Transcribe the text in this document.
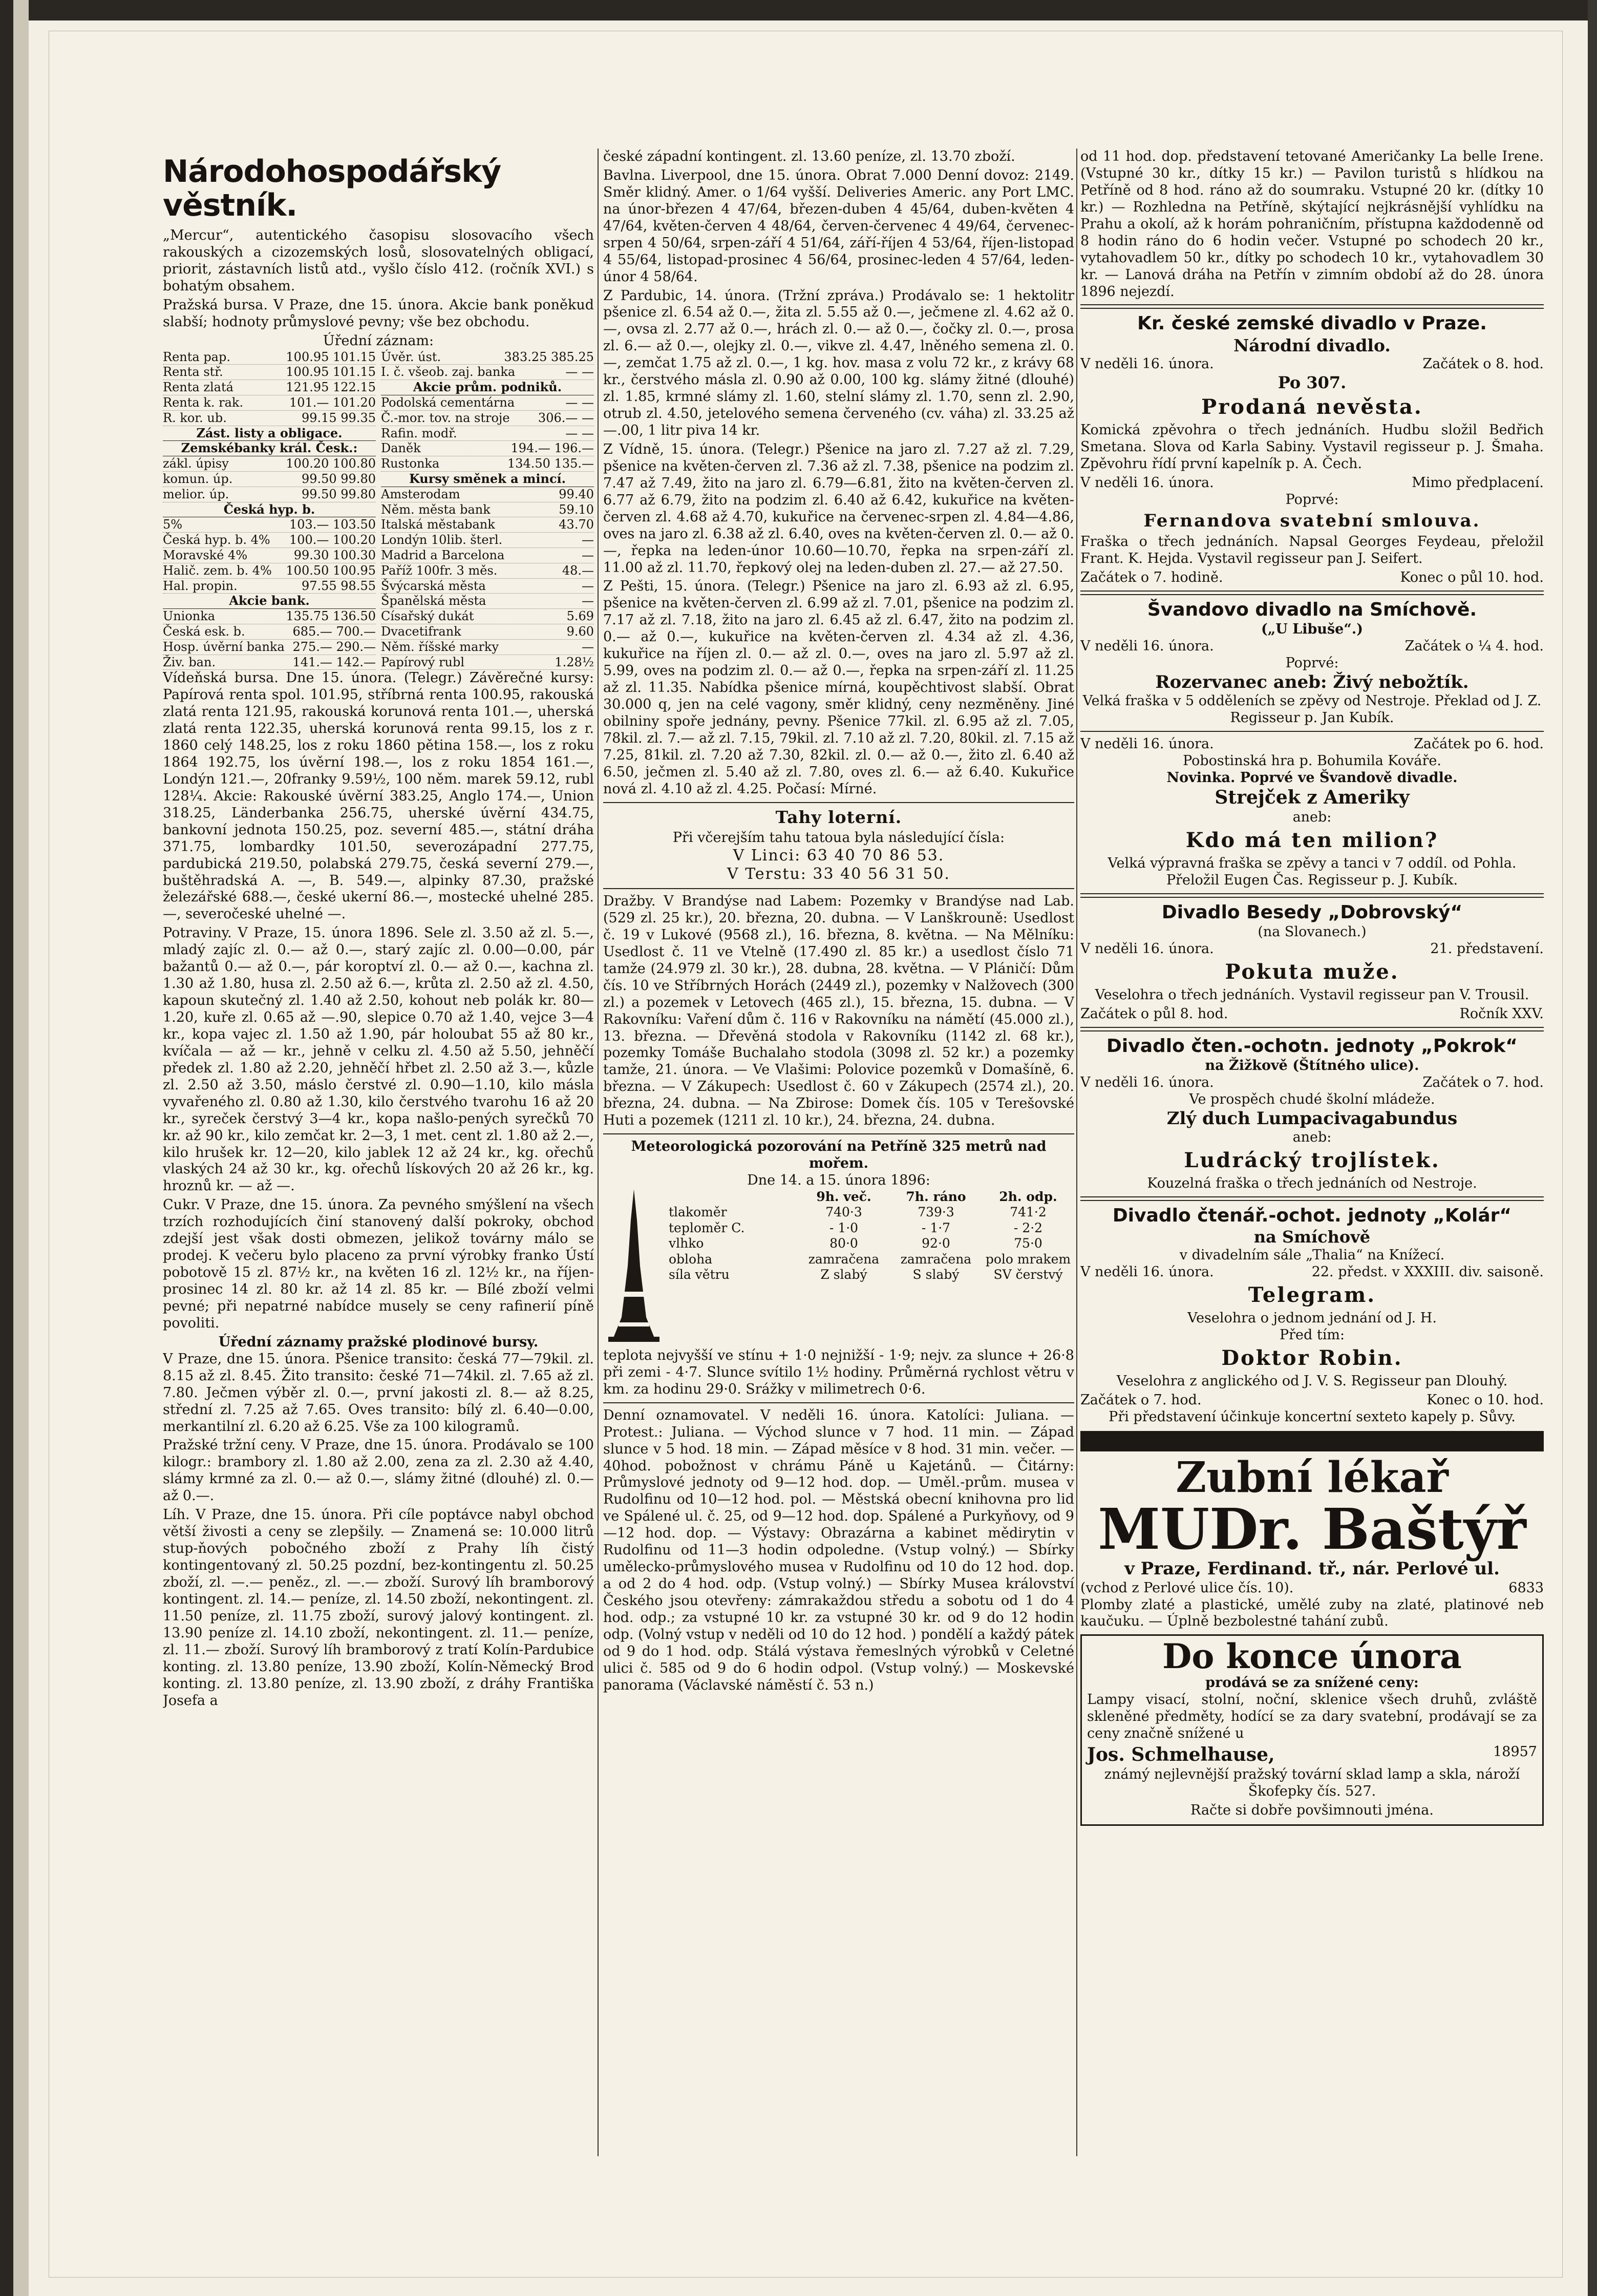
Národohospodářský věstník.

„Mercur“, autentického časopisu slosovacího všech rakouských a cizozemských losů, slosovatelných obligací, priorit, zástavních listů atd., vyšlo číslo 412. (ročník XVI.) s bohatým obsahem.

Pražská bursa. V Praze, dne 15. února. Akcie bank poněkud slabší; hodnoty průmyslové pevny; vše bez obchodu.

Úřední záznam:
Renta pap.	100.95 101.15
Renta stř.	100.95 101.15
Renta zlatá	121.95 122.15
Renta k. rak.	101.— 101.20
R. kor. ub.	99.15 99.35
Zást. listy a obligace.
Zemskébanky král. Česk.:
zákl. úpisy	100.20 100.80
komun. úp.	99.50 99.80
melior. úp.	99.50 99.80
Česká hyp. b.
5%	103.— 103.50
Česká hyp. b. 4% 100.— 100.20
Moravské 4%	99.30 100.30
Halič. zem. b. 4% 100.50 100.95
Hal. propin.	97.55 98.55
Akcie bank.
Unionka	135.75 136.50
Česká esk. b.	685.— 700.—
Hosp. úvěrní banka 275.— 290.—
Živ. ban.	141.— 142.—
Úvěr. úst.	383.25 385.25
I. č. všeob. zaj. banka	— —
Akcie prům. podniků.
Podolská cementárna	— —
Č.-mor. tov. na stroje 306.— —
Rafin. modř.	— —
Daněk	194.— 196.—
Rustonka	134.50 135.—
Kursy směnek a mincí.
Amsterodam	99.40
Něm. města bank	59.10
Italská městabank	43.70
Londýn 10lib. šterl.	—
Madrid a Barcelona	—
Paříž 100fr. 3 měs.	48.—
Švýcarská města	—
Španělská města	—
Císařský dukát	5.69
Dvacetifrank	9.60
Něm. říšské marky	—
Papírový rubl	1.28½

Vídeňská bursa. Dne 15. února. (Telegr.) Závěrečné kursy: Papírová renta spol. 101.95, stříbrná renta 100.95, rakouská zlatá renta 121.95, rakouská korunová renta 101.—, uherská zlatá renta 122.35, uherská korunová renta 99.15, los z r. 1860 celý 148.25, los z roku 1860 pětina 158.—, los z roku 1864 192.75, los úvěrní 198.—, los z roku 1854 161.—, Londýn 121.—, 20franky 9.59½, 100 něm. marek 59.12, rubl 128¼. Akcie: Rakouské úvěrní 383.25, Anglo 174.—, Union 318.25, Länderbanka 256.75, uherské úvěrní 434.75, bankovní jednota 150.25, poz. severní 485.—, státní dráha 371.75, lombardky 101.50, severozápadní 277.75, pardubická 219.50, polabská 279.75, česká severní 279.—, buštěhradská A. —, B. 549.—, alpinky 87.30, pražské železářské 688.—, české ukerní 86.—, mostecké uhelné 285.—, severočeské uhelné —.

Potraviny. V Praze, 15. února 1896. Sele zl. 3.50 až zl. 5.—, mladý zajíc zl. 0.— až 0.—, starý zajíc zl. 0.00—0.00, pár bažantů 0.— až 0.—, pár koroptví zl. 0.— až 0.—, kachna zl. 1.30 až 1.80, husa zl. 2.50 až 6.—, krůta zl. 2.50 až zl. 4.50, kapoun skutečný zl. 1.40 až 2.50, kohout neb polák kr. 80—1.20, kuře zl. 0.65 až —.90, slepice 0.70 až 1.40, vejce 3—4 kr., kopa vajec zl. 1.50 až 1.90, pár holoubat 55 až 80 kr., kvíčala — až — kr., jehně v celku zl. 4.50 až 5.50, jehněčí předek zl. 1.80 až 2.20, jehněčí hřbet zl. 2.50 až 3.—, kůzle zl. 2.50 až 3.50, máslo čerstvé zl. 0.90—1.10, kilo másla vyvařeného zl. 0.80 až 1.30, kilo čerstvého tvarohu 16 až 20 kr., syreček čerstvý 3—4 kr., kopa našlo-pených syrečků 70 kr. až 90 kr., kilo zemčat kr. 2—3, 1 met. cent zl. 1.80 až 2.—, kilo hrušek kr. 12—20, kilo jablek 12 až 24 kr., kg. ořechů vlaských 24 až 30 kr., kg. ořechů lískových 20 až 26 kr., kg. hroznů kr. — až —.

Cukr. V Praze, dne 15. února. Za pevného smýšlení na všech trzích rozhodujících činí stanovený další pokroky, obchod zdejší jest však dosti obmezen, jelikož továrny málo se prodej. K večeru bylo placeno za první výrobky franko Ústí pobotově 15 zl. 87½ kr., na květen 16 zl. 12½ kr., na říjen-prosinec 14 zl. 80 kr. až 14 zl. 85 kr. — Bílé zboží velmi pevné; při nepatrné nabídce musely se ceny rafinerií píně povoliti.

Úřední záznamy pražské plodinové bursy.

V Praze, dne 15. února. Pšenice transito: česká 77—79kil. zl. 8.15 až zl. 8.45. Žito transito: české 71—74kil. zl. 7.65 až zl. 7.80. Ječmen výběr zl. 0.—, první jakosti zl. 8.— až 8.25, střední zl. 7.25 až 7.65. Oves transito: bílý zl. 6.40—0.00, merkantilní zl. 6.20 až 6.25. Vše za 100 kilogramů.

Pražské tržní ceny. V Praze, dne 15. února. Prodávalo se 100 kilogr.: brambory zl. 1.80 až 2.00, zena za zl. 2.30 až 4.40, slámy krmné za zl. 0.— až 0.—, slámy žitné (dlouhé) zl. 0.— až 0.—.

Líh. V Praze, dne 15. února. Při cíle poptávce nabyl obchod větší živosti a ceny se zlepšily. — Znamená se: 10.000 litrů stup-ňových pobočného zboží z Prahy líh čistý kontingentovaný zl. 50.25 pozdní, bez-kontingentu zl. 50.25 zboží, zl. —.— peněz., zl. —.— zboží. Surový líh bramborový kontingent. zl. 14.— peníze, zl. 14.50 zboží, nekontingent. zl. 11.50 peníze, zl. 11.75 zboží, surový jalový kontingent. zl. 13.90 peníze zl. 14.10 zboží, nekontingent. zl. 11.— peníze, zl. 11.— zboží. Surový líh bramborový z tratí Kolín-Pardubice konting. zl. 13.80 peníze, 13.90 zboží, Kolín-Německý Brod konting. zl. 13.80 peníze, zl. 13.90 zboží, z dráhy Františka Josefa a

české západní kontingent. zl. 13.60 peníze, zl. 13.70 zboží.

Bavlna. Liverpool, dne 15. února. Obrat 7.000 Denní dovoz: 2149. Směr klidný. Amer. o 1/64 vyšší. Deliveries Americ. any Port LMC. na únor-březen 4 47/64, březen-duben 4 45/64, duben-květen 4 47/64, květen-červen 4 48/64, červen-červenec 4 49/64, červenec-srpen 4 50/64, srpen-září 4 51/64, září-říjen 4 53/64, říjen-listopad 4 55/64, listopad-prosinec 4 56/64, prosinec-leden 4 57/64, leden-únor 4 58/64.

Z Pardubic, 14. února. (Tržní zpráva.) Prodávalo se: 1 hektolitr pšenice zl. 6.54 až 0.—, žita zl. 5.55 až 0.—, ječmene zl. 4.62 až 0.—, ovsa zl. 2.77 až 0.—, hrách zl. 0.— až 0.—, čočky zl. 0.—, prosa zl. 6.— až 0.—, olejky zl. 0.—, vikve zl. 4.47, lněného semena zl. 0.—, zemčat 1.75 až zl. 0.—, 1 kg. hov. masa z volu 72 kr., z krávy 68 kr., čerstvého másla zl. 0.90 až 0.00, 100 kg. slámy žitné (dlouhé) zl. 1.85, krmné slámy zl. 1.60, stelní slámy zl. 1.70, senn zl. 2.90, otrub zl. 4.50, jetelového semena červeného (cv. váha) zl. 33.25 až —.00, 1 litr piva 14 kr.

Z Vídně, 15. února. (Telegr.) Pšenice na jaro zl. 7.27 až zl. 7.29, pšenice na květen-červen zl. 7.36 až zl. 7.38, pšenice na podzim zl. 7.47 až 7.49, žito na jaro zl. 6.79—6.81, žito na květen-červen zl. 6.77 až 6.79, žito na podzim zl. 6.40 až 6.42, kukuřice na květen-červen zl. 4.68 až 4.70, kukuřice na červenec-srpen zl. 4.84—4.86, oves na jaro zl. 6.38 až zl. 6.40, oves na květen-červen zl. 0.— až 0.—, řepka na leden-únor 10.60—10.70, řepka na srpen-září zl. 11.00 až zl. 11.70, řepkový olej na leden-duben zl. 27.— až 27.50.

Z Pešti, 15. února. (Telegr.) Pšenice na jaro zl. 6.93 až zl. 6.95, pšenice na květen-červen zl. 6.99 až zl. 7.01, pšenice na podzim zl. 7.17 až zl. 7.18, žito na jaro zl. 6.45 až zl. 6.47, žito na podzim zl. 0.— až 0.—, kukuřice na květen-červen zl. 4.34 až zl. 4.36, kukuřice na říjen zl. 0.— až zl. 0.—, oves na jaro zl. 5.97 až zl. 5.99, oves na podzim zl. 0.— až 0.—, řepka na srpen-září zl. 11.25 až zl. 11.35. Nabídka pšenice mírná, koupěchtivost slabší. Obrat 30.000 q, jen na celé vagony, směr klidný, ceny nezměněny. Jiné obilniny spoře jednány, pevny. Pšenice 77kil. zl. 6.95 až zl. 7.05, 78kil. zl. 7.— až zl. 7.15, 79kil. zl. 7.10 až zl. 7.20, 80kil. zl. 7.15 až 7.25, 81kil. zl. 7.20 až 7.30, 82kil. zl. 0.— až 0.—, žito zl. 6.40 až 6.50, ječmen zl. 5.40 až zl. 7.80, oves zl. 6.— až 6.40. Kukuřice nová zl. 4.10 až zl. 4.25. Počasí: Mírné.

Tahy loterní.
Při včerejším tahu tatoua byla následující čísla:
V Linci: 63 40 70 86 53.
V Terstu: 33 40 56 31 50.

Dražby. V Brandýse nad Labem: Pozemky v Brandýse nad Lab. (529 zl. 25 kr.), 20. března, 20. dubna. — V Lanškrouně: Usedlost č. 19 v Lukové (9568 zl.), 16. března, 8. května. — Na Mělníku: Usedlost č. 11 ve Vtelně (17.490 zl. 85 kr.) a usedlost číslo 71 tamže (24.979 zl. 30 kr.), 28. dubna, 28. května. — V Pláničí: Dům čís. 10 ve Stříbrných Horách (2449 zl.), pozemky v Nalžovech (300 zl.) a pozemek v Letovech (465 zl.), 15. března, 15. dubna. — V Rakovníku: Vaření dům č. 116 v Rakovníku na námětí (45.000 zl.), 13. března. — Dřevěná stodola v Rakovníku (1142 zl. 68 kr.), pozemky Tomáše Buchalaho stodola (3098 zl. 52 kr.) a pozemky tamže, 21. února. — Ve Vlašimi: Polovice pozemků v Domašíně, 6. března. — V Zákupech: Usedlost č. 60 v Zákupech (2574 zl.), 20. března, 24. dubna. — Na Zbirose: Domek čís. 105 v Terešovské Huti a pozemek (1211 zl. 10 kr.), 24. března, 24. dubna.

Meteorologická pozorování na Petříně 325 metrů nad mořem.
Dne 14. a 15. února 1896:
9h. več.	7h. ráno	2h. odp.
tlakoměr	740·3	739·3	741·2
teploměr C.	- 1·0	- 1·7	- 2·2
vlhko	80·0	92·0	75·0
obloha	zamračena	zamračena	polo mrakem
síla větru	Z slabý	S slabý	SV čerstvý

teplota nejvyšší ve stínu + 1·0 nejnižší - 1·9; nejv. za slunce + 26·8 při zemi - 4·7. Slunce svítilo 1½ hodiny. Průměrná rychlost větru v km. za hodinu 29·0. Srážky v milimetrech 0·6.

Denní oznamovatel. V neděli 16. února. Katolíci: Juliana. — Protest.: Juliana. — Východ slunce v 7 hod. 11 min. — Západ slunce v 5 hod. 18 min. — Západ měsíce v 8 hod. 31 min. večer. — 40hod. pobožnost v chrámu Páně u Kajetánů. — Čitárny: Průmyslové jednoty od 9—12 hod. dop. — Uměl.-prům. musea v Rudolfinu od 10—12 hod. pol. — Městská obecní knihovna pro lid ve Spálené ul. č. 25, od 9—12 hod. dop. Spálené a Purkyňovy, od 9—12 hod. dop. — Výstavy: Obrazárna a kabinet mědirytin v Rudolfinu od 11—3 hodin odpoledne. (Vstup volný.) — Sbírky umělecko-průmyslového musea v Rudolfinu od 10 do 12 hod. dop. a od 2 do 4 hod. odp. (Vstup volný.) — Sbírky Musea království Českého jsou otevřeny: zámrakaždou středu a sobotu od 1 do 4 hod. odp.; za vstupné 10 kr. za vstupné 30 kr. od 9 do 12 hodin odp. (Volný vstup v neděli od 10 do 12 hod. ) pondělí a každý pátek od 9 do 1 hod. odp. Stálá výstava řemeslných výrobků v Celetné ulici č. 585 od 9 do 6 hodin odpol. (Vstup volný.) — Moskevské panorama (Václavské náměstí č. 53 n.)

od 11 hod. dop. představení tetované Američanky La belle Irene. (Vstupné 30 kr., dítky 15 kr.) — Pavilon turistů s hlídkou na Petříně od 8 hod. ráno až do soumraku. Vstupné 20 kr. (dítky 10 kr.) — Rozhledna na Petříně, skýtající nejkrásnější vyhlídku na Prahu a okolí, až k horám pohraničním, přístupna každodenně od 8 hodin ráno do 6 hodin večer. Vstupné po schodech 20 kr., vytahovadlem 50 kr., dítky po schodech 10 kr., vytahovadlem 30 kr. — Lanová dráha na Petřín v zimním období až do 28. února 1896 nejezdí.

Kr. české zemské divadlo v Praze.
Národní divadlo.
V neděli 16. února.	Začátek o 8. hod.
Po 307.
Prodaná nevěsta.

Komická zpěvohra o třech jednáních. Hudbu složil Bedřich Smetana. Slova od Karla Sabiny. Vystavil regisseur p. J. Šmaha. Zpěvohru řídí první kapelník p. A. Čech.

V neděli 16. února.	Mimo předplacení.
Poprvé:
Fernandova svatební smlouva.

Fraška o třech jednáních. Napsal Georges Feydeau, přeložil Frant. K. Hejda. Vystavil regisseur pan J. Seifert.

Začátek o 7. hodině.	Konec o půl 10. hod.
Švandovo divadlo na Smíchově.
(„U Libuše“.)
V neděli 16. února.	Začátek o ¼ 4. hod.
Poprvé:
Rozervanec aneb: Živý nebožtík.

Velká fraška v 5 odděleních se zpěvy od Nestroje. Překlad od J. Z. Regisseur p. Jan Kubík.

V neděli 16. února.	Začátek po 6. hod.
Pobostinská hra p. Bohumila Kováře.
Novinka. Poprvé ve Švandově divadle.
Strejček z Ameriky
aneb:
Kdo má ten milion?

Velká výpravná fraška se zpěvy a tanci v 7 oddíl. od Pohla. Přeložil Eugen Čas. Regisseur p. J. Kubík.

Divadlo Besedy „Dobrovský“
(na Slovanech.)
V neděli 16. února.	21. představení.
Pokuta muže.

Veselohra o třech jednáních. Vystavil regisseur pan V. Trousil.

Začátek o půl 8. hod.	Ročník XXV.
Divadlo čten.-ochotn. jednoty „Pokrok“
na Žižkově (Štítného ulice).
V neděli 16. února.	Začátek o 7. hod.
Ve prospěch chudé školní mládeže.
Zlý duch Lumpacivagabundus
aneb:
Ludrácký trojlístek.

Kouzelná fraška o třech jednáních od Nestroje.

Divadlo čtenář.-ochot. jednoty „Kolár“
na Smíchově
v divadelním sále „Thalia“ na Knížecí.
V neděli 16. února.	22. předst. v XXXIII. div. saisoně.
Telegram.
Veselohra o jednom jednání od J. H.
Před tím:
Doktor Robin.

Veselohra z anglického od J. V. S. Regisseur pan Dlouhý.

Začátek o 7. hod.	Konec o 10. hod.

Při představení účinkuje koncertní sexteto kapely p. Sůvy.

Zubní lékař
MUDr. Baštýř
v Praze, Ferdinand. tř., nár. Perlové ul.
(vchod z Perlové ulice čís. 10).	6833

Plomby zlaté a plastické, umělé zuby na zlaté, platinové neb kaučuku. — Úplně bezbolestné tahání zubů.

Do konce února
prodává se za snížené ceny:

Lampy visací, stolní, noční, sklenice všech druhů, zvláště skleněné předměty, hodící se za dary svatební, prodávají se za ceny značně snížené u

Jos. Schmelhause,	18957

známý nejlevnější pražský tovární sklad lamp a skla, nároží Škofepky čís. 527.

Račte si dobře povšimnouti jména.
